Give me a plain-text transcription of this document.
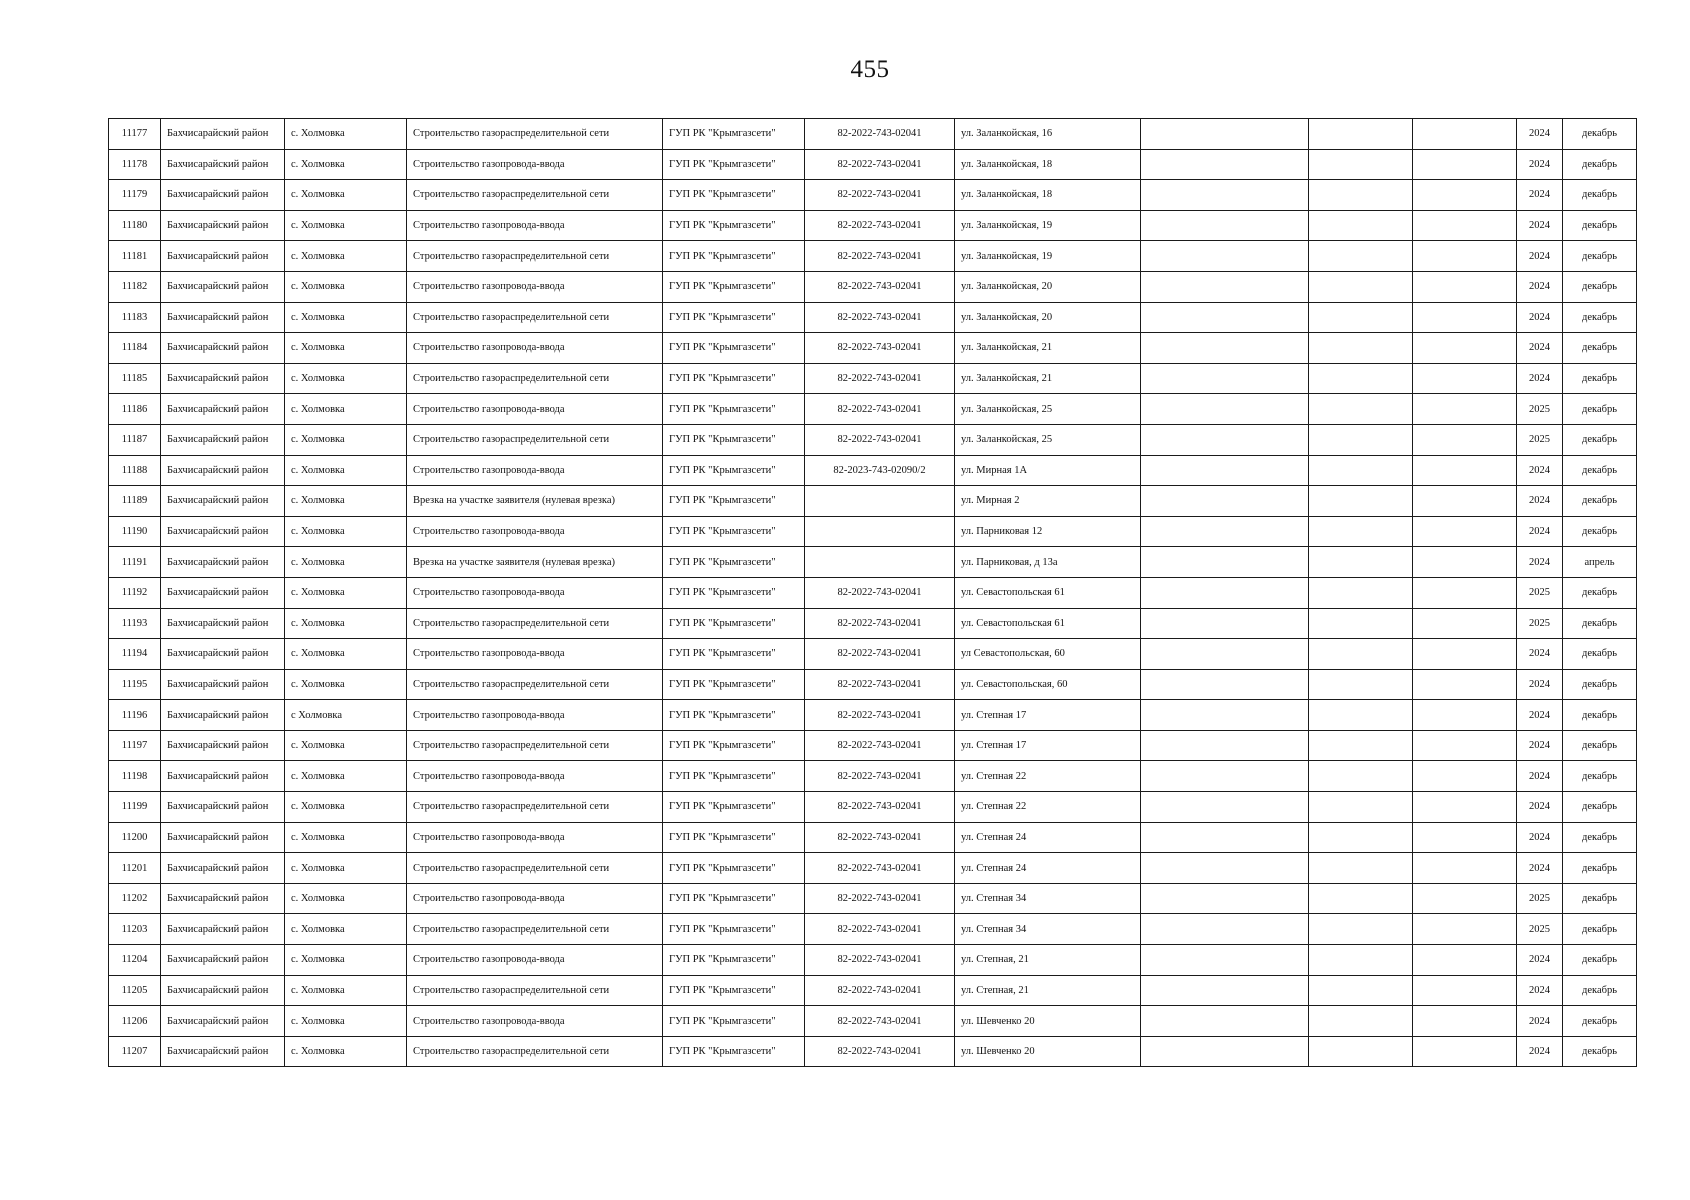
455
11177	Бахчисарайский район	с. Холмовка	Строительство газораспределительной сети	ГУП РК "Крымгазсети"	82-2022-743-02041	ул. Заланкойская, 16				2024	декабрь
11178	Бахчисарайский район	с. Холмовка	Строительство газопровода-ввода	ГУП РК "Крымгазсети"	82-2022-743-02041	ул. Заланкойская, 18				2024	декабрь
11179	Бахчисарайский район	с. Холмовка	Строительство газораспределительной сети	ГУП РК "Крымгазсети"	82-2022-743-02041	ул. Заланкойская, 18				2024	декабрь
11180	Бахчисарайский район	с. Холмовка	Строительство газопровода-ввода	ГУП РК "Крымгазсети"	82-2022-743-02041	ул. Заланкойская, 19				2024	декабрь
11181	Бахчисарайский район	с. Холмовка	Строительство газораспределительной сети	ГУП РК "Крымгазсети"	82-2022-743-02041	ул. Заланкойская, 19				2024	декабрь
11182	Бахчисарайский район	с. Холмовка	Строительство газопровода-ввода	ГУП РК "Крымгазсети"	82-2022-743-02041	ул. Заланкойская, 20				2024	декабрь
11183	Бахчисарайский район	с. Холмовка	Строительство газораспределительной сети	ГУП РК "Крымгазсети"	82-2022-743-02041	ул. Заланкойская, 20				2024	декабрь
11184	Бахчисарайский район	с. Холмовка	Строительство газопровода-ввода	ГУП РК "Крымгазсети"	82-2022-743-02041	ул. Заланкойская, 21				2024	декабрь
11185	Бахчисарайский район	с. Холмовка	Строительство газораспределительной сети	ГУП РК "Крымгазсети"	82-2022-743-02041	ул. Заланкойская, 21				2024	декабрь
11186	Бахчисарайский район	с. Холмовка	Строительство газопровода-ввода	ГУП РК "Крымгазсети"	82-2022-743-02041	ул. Заланкойская, 25				2025	декабрь
11187	Бахчисарайский район	с. Холмовка	Строительство газораспределительной сети	ГУП РК "Крымгазсети"	82-2022-743-02041	ул. Заланкойская, 25				2025	декабрь
11188	Бахчисарайский район	с. Холмовка	Строительство газопровода-ввода	ГУП РК "Крымгазсети"	82-2023-743-02090/2	ул. Мирная 1А				2024	декабрь
11189	Бахчисарайский район	с. Холмовка	Врезка на участке заявителя (нулевая врезка)	ГУП РК "Крымгазсети"		ул. Мирная 2				2024	декабрь
11190	Бахчисарайский район	с. Холмовка	Строительство газопровода-ввода	ГУП РК "Крымгазсети"		ул. Парниковая 12				2024	декабрь
11191	Бахчисарайский район	с. Холмовка	Врезка на участке заявителя (нулевая врезка)	ГУП РК "Крымгазсети"		ул. Парниковая, д 13а				2024	апрель
11192	Бахчисарайский район	с. Холмовка	Строительство газопровода-ввода	ГУП РК "Крымгазсети"	82-2022-743-02041	ул. Севастопольская 61				2025	декабрь
11193	Бахчисарайский район	с. Холмовка	Строительство газораспределительной сети	ГУП РК "Крымгазсети"	82-2022-743-02041	ул. Севастопольская 61				2025	декабрь
11194	Бахчисарайский район	с. Холмовка	Строительство газопровода-ввода	ГУП РК "Крымгазсети"	82-2022-743-02041	ул Севастопольская, 60				2024	декабрь
11195	Бахчисарайский район	с. Холмовка	Строительство газораспределительной сети	ГУП РК "Крымгазсети"	82-2022-743-02041	ул. Севастопольская, 60				2024	декабрь
11196	Бахчисарайский район	с Холмовка	Строительство газопровода-ввода	ГУП РК "Крымгазсети"	82-2022-743-02041	ул. Степная 17				2024	декабрь
11197	Бахчисарайский район	с. Холмовка	Строительство газораспределительной сети	ГУП РК "Крымгазсети"	82-2022-743-02041	ул. Степная 17				2024	декабрь
11198	Бахчисарайский район	с. Холмовка	Строительство газопровода-ввода	ГУП РК "Крымгазсети"	82-2022-743-02041	ул. Степная 22				2024	декабрь
11199	Бахчисарайский район	с. Холмовка	Строительство газораспределительной сети	ГУП РК "Крымгазсети"	82-2022-743-02041	ул. Степная 22				2024	декабрь
11200	Бахчисарайский район	с. Холмовка	Строительство газопровода-ввода	ГУП РК "Крымгазсети"	82-2022-743-02041	ул. Степная 24				2024	декабрь
11201	Бахчисарайский район	с. Холмовка	Строительство газораспределительной сети	ГУП РК "Крымгазсети"	82-2022-743-02041	ул. Степная 24				2024	декабрь
11202	Бахчисарайский район	с. Холмовка	Строительство газопровода-ввода	ГУП РК "Крымгазсети"	82-2022-743-02041	ул. Степная 34				2025	декабрь
11203	Бахчисарайский район	с. Холмовка	Строительство газораспределительной сети	ГУП РК "Крымгазсети"	82-2022-743-02041	ул. Степная 34				2025	декабрь
11204	Бахчисарайский район	с. Холмовка	Строительство газопровода-ввода	ГУП РК "Крымгазсети"	82-2022-743-02041	ул. Степная, 21				2024	декабрь
11205	Бахчисарайский район	с. Холмовка	Строительство газораспределительной сети	ГУП РК "Крымгазсети"	82-2022-743-02041	ул. Степная, 21				2024	декабрь
11206	Бахчисарайский район	с. Холмовка	Строительство газопровода-ввода	ГУП РК "Крымгазсети"	82-2022-743-02041	ул. Шевченко 20				2024	декабрь
11207	Бахчисарайский район	с. Холмовка	Строительство газораспределительной сети	ГУП РК "Крымгазсети"	82-2022-743-02041	ул. Шевченко 20				2024	декабрь
